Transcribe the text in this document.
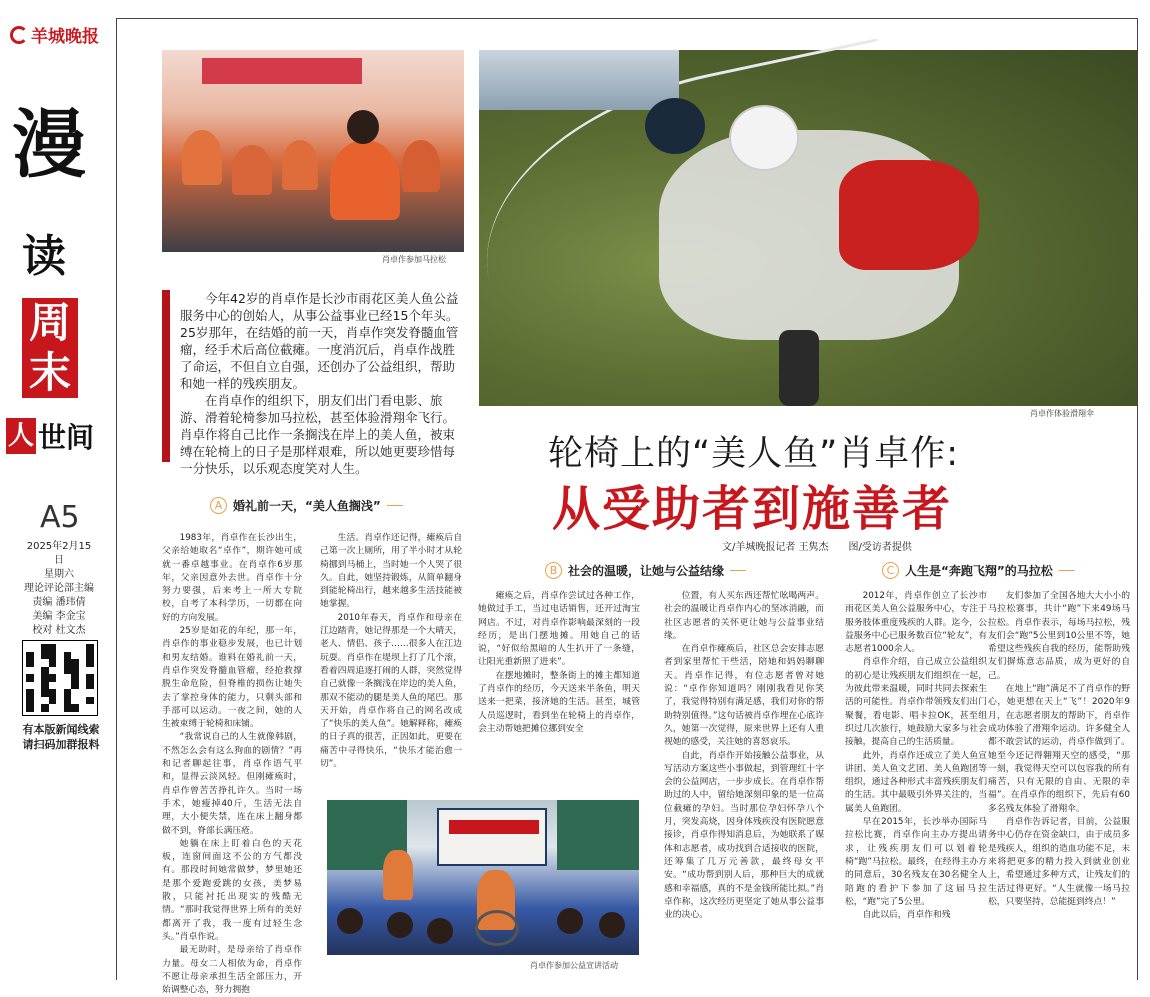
羊城晚报
漫
读
周末
人 世间
A5
2025年2月15日
星期六
理论评论部主编
责编 潘玮倩
美编 李金宝
校对 杜文杰
有本版新闻线索
请扫码加群报料
肖卓作参加马拉松
肖卓作体验滑翔伞

今年42岁的肖卓作是长沙市雨花区美人鱼公益服务中心的创始人，从事公益事业已经15个年头。25岁那年，在结婚的前一天，肖卓作突发脊髓血管瘤，经手术后高位截瘫。一度消沉后，肖卓作战胜了命运，不但自立自强，还创办了公益组织，帮助和她一样的残疾朋友。

在肖卓作的组织下，朋友们出门看电影、旅游、滑着轮椅参加马拉松，甚至体验滑翔伞飞行。肖卓作将自己比作一条搁浅在岸上的美人鱼，被束缚在轮椅上的日子是那样艰难，所以她更要珍惜每一分快乐，以乐观态度笑对人生。	轮椅上的“美人鱼”肖卓作:
从受助者到施善者
文/羊城晚报记者 王隽杰　　图/受访者提供
A 婚礼前一天，“美人鱼搁浅”
B 社会的温暖，让她与公益结缘	C 人生是“奔跑飞翔”的马拉松

1983年，肖卓作在长沙出生，父亲给她取名“卓作”，期许她可成就一番卓越事业。在肖卓作6岁那年，父亲因意外去世。肖卓作十分努力要强，后来考上一所大专院校，自考了本科学历，一切都在向好的方向发展。

25岁是如花的年纪，那一年，肖卓作的事业稳步发展，也已计划和男友结婚。谁料在婚礼前一天，肖卓作突发脊髓血管瘤，经抢救撑脱生命危险，但脊椎的损伤让她失去了掌控身体的能力，只剩头部和手部可以运动。一夜之间，她的人生被束缚于轮椅和床铺。

“我常说自己的人生就像韩剧，不然怎么会有这么狗血的剧情？”再和记者聊起往事，肖卓作语气平和，显得云淡风轻。但刚瘫痪时，肖卓作曾苦苦挣扎许久。当时一场手术，她瘦掉40斤，生活无法自理，大小便失禁，连在床上翻身都做不到，脊部长满压疮。

她躺在床上盯着白色的天花板，连窗间面这不公的方气都没有。那段时间她常做梦，梦里她还是那个爱跑爱跳的女孩，美梦易散，只能衬托出现实的残酷无情。“那时我觉得世界上所有的美好都离开了我，我一度有过轻生念头。”肖卓作说。

最无助时，是母亲给了肖卓作力量。母女二人相依为命，肖卓作不愿让母亲承担生活全部压力，开始调整心态，努力拥抱

生活。肖卓作还记得，瘫痪后自己第一次上厕所，用了半小时才从轮椅挪到马桶上，当时她一个人哭了很久。自此，她坚持锻炼，从简单翻身到能轮椅出行，越来越多生活技能被她掌握。

2010年春天，肖卓作和母亲在江边踏青，她记得那是一个大晴天，老人、情侣、孩子……很多人在江边玩耍。肖卓作在堤坝上打了几个滚，看着四周追逐打闹的人群，突然觉得自己就像一条搁浅在岸边的美人鱼，那双不能动的腿是美人鱼的尾巴。那天开始，肖卓作将自己的网名改成了“快乐的美人鱼”。她解释称，瘫痪的日子真的很苦，正因如此，更要在痛苦中寻得快乐，“快乐才能治愈一切”。

瘫痪之后，肖卓作尝试过各种工作，她做过手工，当过电话销售，还开过淘宝网店。不过，对肖卓作影响最深刻的一段经历，是出门摆地摊。用她自己的话说，“好似给黑暗的人生扒开了一条缝，让阳光重新照了进来”。

在摆地摊时，整条街上的摊主都知道了肖卓作的经历，今天送来半条鱼，明天送来一把菜，接济她的生活。甚至，城管人员巡逻时，看到坐在轮椅上的肖卓作，会主动帮她把摊位挪到安全

位置，有人买东西还帮忙吆喝两声。社会的温暖让肖卓作内心的坚冰消融，而社区志愿者的关怀更让她与公益事业结缘。

在肖卓作瘫痪后，社区总会安排志愿者到家里帮忙干些活，陪她和妈妈聊聊天。肖卓作记得，有位志愿者曾对她说：“卓作你知道吗？刚刚我看见你笑了，我觉得特别有满足感，我们对你的帮助特别值得。”这句话被肖卓作埋在心底许久，她第一次觉得，原来世界上还有人重视她的感受，关注她的喜怒哀乐。

自此，肖卓作开始接触公益事业，从写活动方案这些小事做起，到管理红十字会的公益网店，一步步成长。在肖卓作帮助过的人中，留给她深刻印象的是一位高位截瘫的孕妇。当时那位孕妇怀孕八个月，突发高烧，因身体残疾没有医院愿意接诊，肖卓作得知消息后，为她联系了媒体和志愿者，成功找到合适接收的医院，还筹集了几万元善款，最终母女平安。“成功帮到别人后，那种巨大的成就感和幸福感，真的不是金钱所能比拟。”肖卓作称，这次经历更坚定了她从事公益事业的决心。

2012年，肖卓作创立了长沙市雨花区美人鱼公益服务中心，专注于服务肢体重度残疾的人群。迄今，公益服务中心已服务数百位“轮友”，有志愿者1000余人。

肖卓作介绍，自己成立公益组织的初心是让残疾朋友们组织在一起，为彼此带来温暖，同时共同去探索生活的可能性。肖卓作带领残友们出门聚餐，看电影、唱卡拉OK，甚至组织过几次旅行，她鼓励大家多与社会接触，提高自己的生活质量。

此外，肖卓作还成立了美人鱼宣讲团、美人鱼文艺团、美人鱼跑团等组织，通过各种形式丰富残疾朋友们的生活。其中最吸引外界关注的，当属美人鱼跑团。

早在2015年，长沙举办国际马拉松比赛，肖卓作向主办方提出请求，让残疾朋友们可以划着轮椅“跑”马拉松。最终，在经得主办方的同意后，30名残友在30名健全人陪跑的看护下参加了这届马拉松，“跑”完了5公里。

自此以后，肖卓作和残

友们参加了全国各地大大小小的马拉松赛事，共计“跑”下来49场马拉松。肖卓作表示，每场马拉松，残友们会“跑”5公里到10公里不等，她希望这些残疾自我的经历，能帮助残友们摒炼意志品质，成为更好的自己。

在地上“跑”满足不了肖卓作的野心，她更想在天上“飞”！2020年9月，在志愿者朋友的帮助下，肖卓作成功体验了滑翔伞运动。许多健全人都不敢尝试的运动，肖卓作做到了。她至今还记得翱翔天空的感受，“那一刻，我觉得天空可以包容我的所有痛苦，只有无限的自由、无限的幸福”。在肖卓作的组织下，先后有60多名残友体验了滑翔伞。

肖卓作告诉记者，目前，公益服务中心仍存在资金缺口，由于成员多是残疾人，组织的造血功能不足，未来将把更多的精力投入到就业创业上，希望通过多种方式，让残友们的生活过得更好。“人生就像一场马拉松，只要坚持，总能挺到终点！”

肖卓作参加公益宣讲活动
